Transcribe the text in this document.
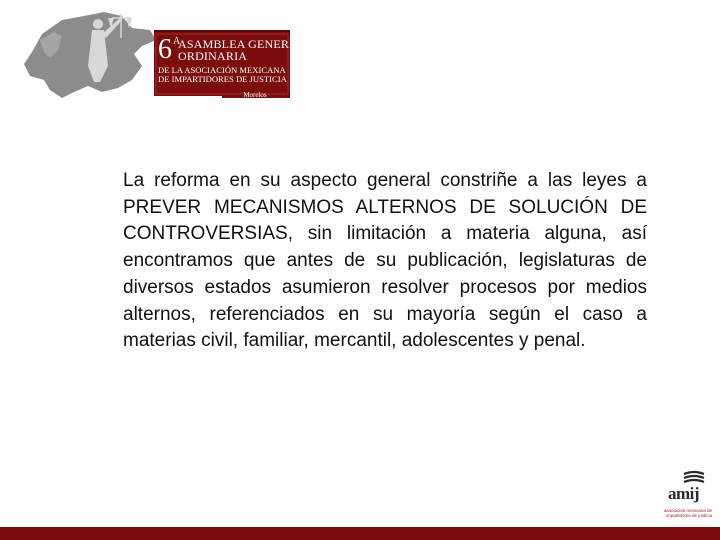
6 A
ASAMBLEA GENERAL
ORDINARIA
DE LA ASOCIACIÓN MEXICANA
DE IMPARTIDORES DE JUSTICIA
Morelos

La reforma en su aspecto general constriñe a las leyes a PREVER MECANISMOS ALTERNOS DE SOLUCIÓN DE CONTROVERSIAS, sin limitación a materia alguna, así encontramos que antes de su publicación, legislaturas de diversos estados asumieron resolver procesos por medios alternos, referenciados en su mayoría según el caso a materias civil, familiar, mercantil, adolescentes y penal.

amij
asociación mexicana de
impartidores de justicia
